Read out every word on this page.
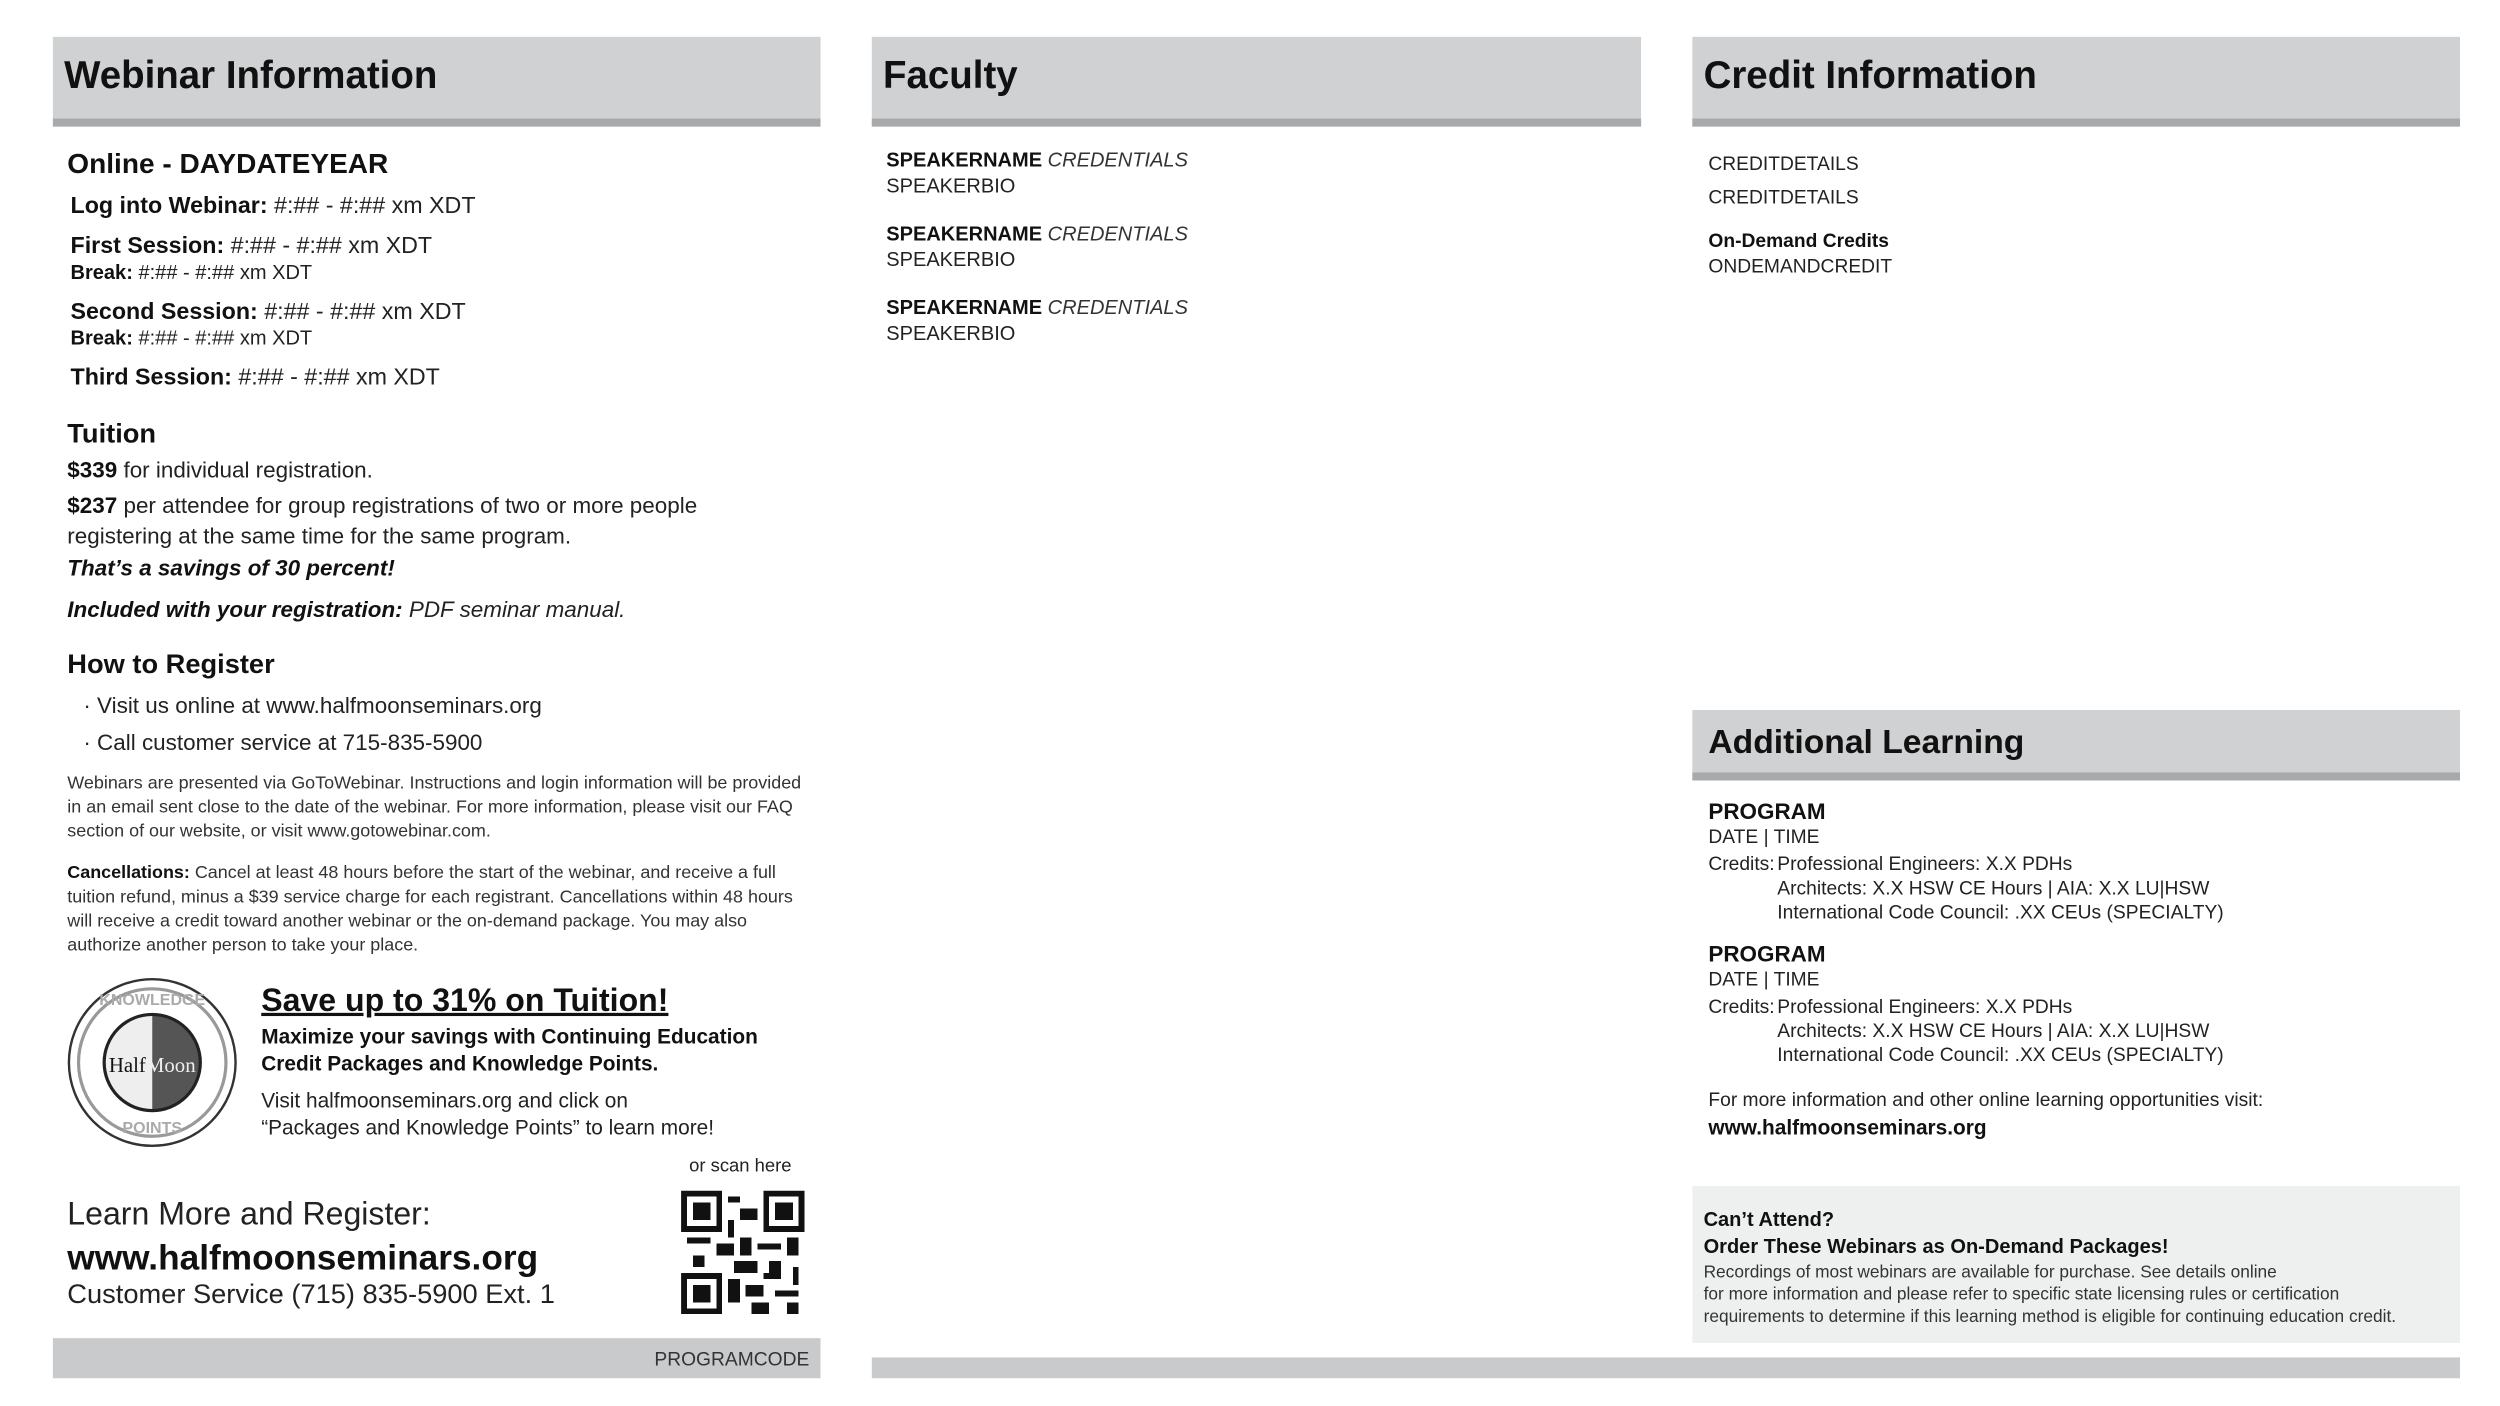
Webinar Information
Online - DAYDATEYEAR
Log into Webinar: #:## - #:## xm XDT
First Session: #:## - #:## xm XDT
Break: #:## - #:## xm XDT
Second Session: #:## - #:## xm XDT
Break: #:## - #:## xm XDT
Third Session: #:## - #:## xm XDT
Tuition
$339 for individual registration.
$237 per attendee for group registrations of two or more people registering at the same time for the same program.
That’s a savings of 30 percent!
Included with your registration: PDF seminar manual.
How to Register
· Visit us online at www.halfmoonseminars.org
· Call customer service at 715-835-5900
Webinars are presented via GoToWebinar. Instructions and login information will be provided in an email sent close to the date of the webinar. For more information, please visit our FAQ section of our website, or visit www.gotowebinar.com.
Cancellations: Cancel at least 48 hours before the start of the webinar, and receive a full tuition refund, minus a $39 service charge for each registrant. Cancellations within 48 hours will receive a credit toward another webinar or the on-demand package. You may also authorize another person to take your place.
HalfMoon
KNOWLEDGE
POINTS
Save up to 31% on Tuition!
Maximize your savings with Continuing Education Credit Packages and Knowledge Points.
Visit halfmoonseminars.org and click on
“Packages and Knowledge Points” to learn more!
or scan here
Learn More and Register:
www.halfmoonseminars.org
Customer Service (715) 835-5900 Ext. 1
PROGRAMCODE
Faculty
SPEAKERNAME CREDENTIALS
SPEAKERBIO
SPEAKERNAME CREDENTIALS
SPEAKERBIO
SPEAKERNAME CREDENTIALS
SPEAKERBIO
Credit Information
CREDITDETAILS
CREDITDETAILS
On-Demand Credits
ONDEMANDCREDIT
Additional Learning
PROGRAM
DATE | TIME
Credits: Professional Engineers: X.X PDHs
Architects: X.X HSW CE Hours | AIA: X.X LU|HSW
International Code Council: .XX CEUs (SPECIALTY)
PROGRAM
DATE | TIME
Credits: Professional Engineers: X.X PDHs
Architects: X.X HSW CE Hours | AIA: X.X LU|HSW
International Code Council: .XX CEUs (SPECIALTY)
For more information and other online learning opportunities visit:
www.halfmoonseminars.org
Can’t Attend?
Order These Webinars as On-Demand Packages!
Recordings of most webinars are available for purchase. See details online
for more information and please refer to specific state licensing rules or certification
requirements to determine if this learning method is eligible for continuing education credit.
